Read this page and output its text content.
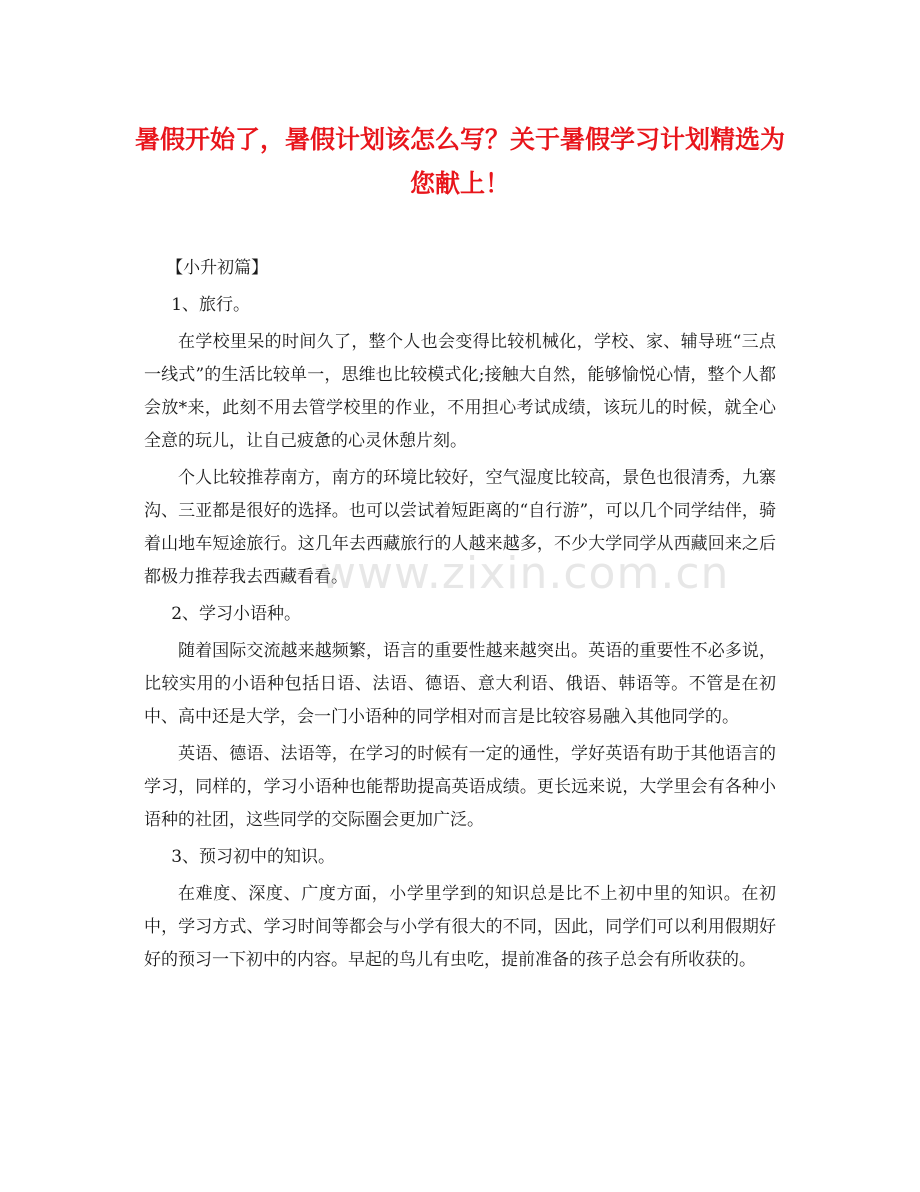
暑假开始了，暑假计划该怎么写？关于暑假学习计划精选为您献上！

【小升初篇】

1、旅行。

在学校里呆的时间久了，整个人也会变得比较机械化，学校、家、辅导班“三点一线式”的生活比较单一，思维也比较模式化;接触大自然，能够愉悦心情，整个人都会放*来，此刻不用去管学校里的作业，不用担心考试成绩，该玩儿的时候，就全心全意的玩儿，让自己疲惫的心灵休憩片刻。

个人比较推荐南方，南方的环境比较好，空气湿度比较高，景色也很清秀，九寨沟、三亚都是很好的选择。也可以尝试着短距离的“自行游”，可以几个同学结伴，骑着山地车短途旅行。这几年去西藏旅行的人越来越多，不少大学同学从西藏回来之后都极力推荐我去西藏看看。

2、学习小语种。

随着国际交流越来越频繁，语言的重要性越来越突出。英语的重要性不必多说，比较实用的小语种包括日语、法语、德语、意大利语、俄语、韩语等。不管是在初中、高中还是大学，会一门小语种的同学相对而言是比较容易融入其他同学的。

英语、德语、法语等，在学习的时候有一定的通性，学好英语有助于其他语言的学习，同样的，学习小语种也能帮助提高英语成绩。更长远来说，大学里会有各种小语种的社团，这些同学的交际圈会更加广泛。

3、预习初中的知识。

在难度、深度、广度方面，小学里学到的知识总是比不上初中里的知识。在初中，学习方式、学习时间等都会与小学有很大的不同，因此，同学们可以利用假期好好的预习一下初中的内容。早起的鸟儿有虫吃，提前准备的孩子总会有所收获的。

www.zixin.com.cn
